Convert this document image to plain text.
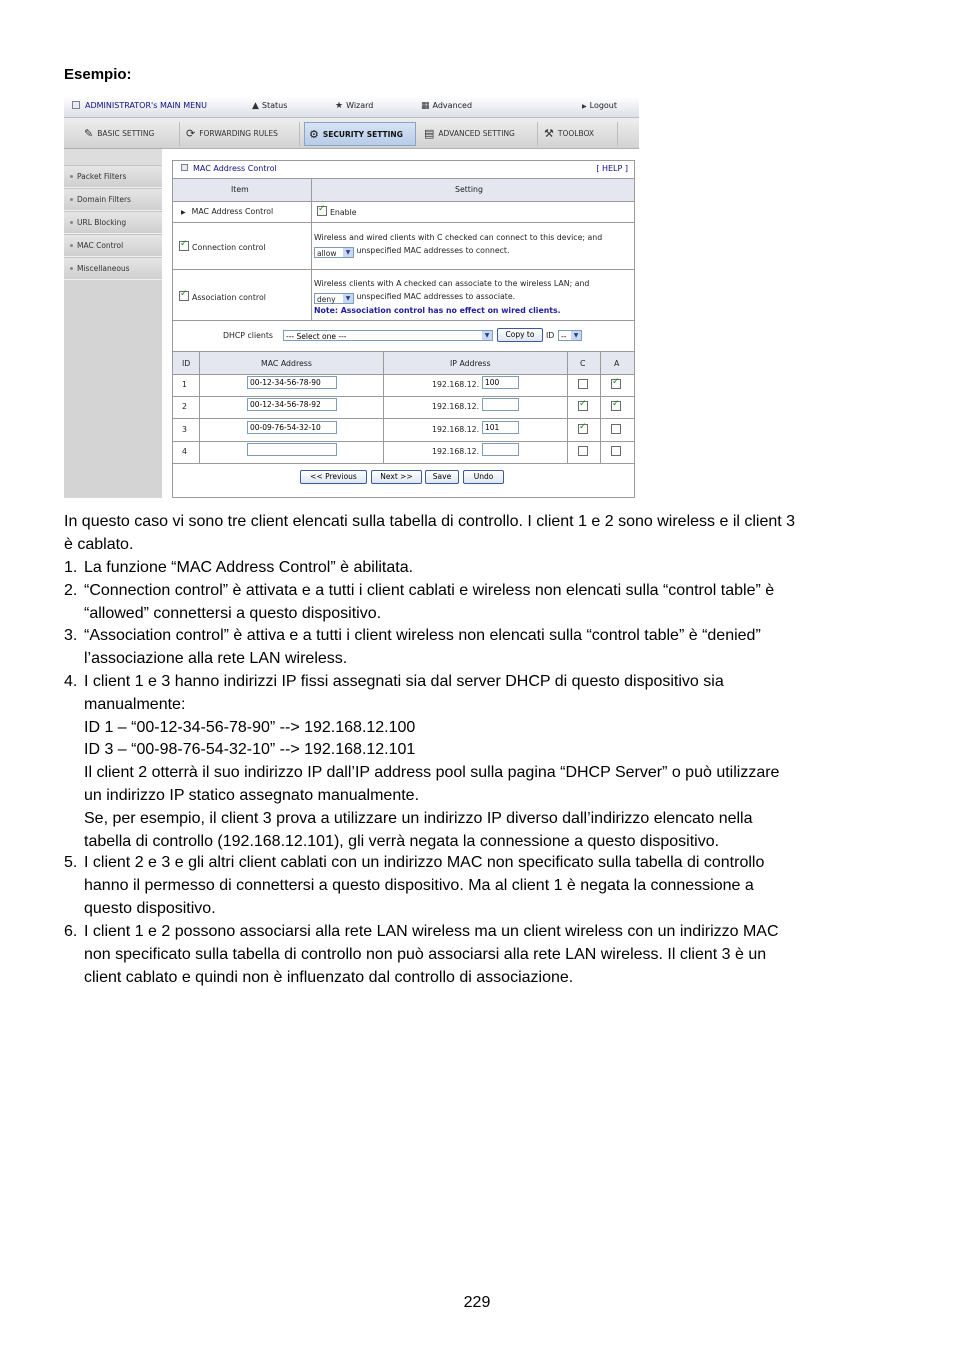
Esempio:
ADMINISTRATOR's MAIN MENU	▲ Status	★ Wizard	▦ Advanced	▶ Logout
✎ BASIC SETTING	⟳ FORWARDING RULES	⚙ SECURITY SETTING	▤ ADVANCED SETTING	⚒ TOOLBOX
Packet Filters
Domain Filters
URL Blocking
MAC Control
Miscellaneous
MAC Address Control	[ HELP ]
Item	Setting
▶ MAC Address Control
✓	Enable
✓Connection control
Wireless and wired clients with C checked can connect to this device; and
allow	▼ unspecified MAC addresses to connect.
✓Association control
Wireless clients with A checked can associate to the wireless LAN; and
deny	▼ unspecified MAC addresses to associate.
Note: Association control has no effect on wired clients.
DHCP clients	--- Select one ---	▼	Copy to	ID --	▼
ID	MAC Address	IP Address	C	A
1	00-12-34-56-78-90	192.168.12. 100
✓
2	00-12-34-56-78-92	192.168.12.
✓
✓
3	00-09-76-54-32-10	192.168.12. 101
✓
4	192.168.12.
<< Previous	Next >>	Save	Undo
In questo caso vi sono tre client elencati sulla tabella di controllo. I client 1 e 2 sono wireless e il client 3
è cablato.
1. La funzione “MAC Address Control” è abilitata.
2. “Connection control” è attivata e a tutti i client cablati e wireless non elencati sulla “control table” è
“allowed” connettersi a questo dispositivo.
3. “Association control” è attiva e a tutti i client wireless non elencati sulla “control table” è “denied”
l’associazione alla rete LAN wireless.
4. I client 1 e 3 hanno indirizzi IP fissi assegnati sia dal server DHCP di questo dispositivo sia
manualmente:
ID 1 – “00-12-34-56-78-90” --> 192.168.12.100
ID 3 – “00-98-76-54-32-10” --> 192.168.12.101
Il client 2 otterrà il suo indirizzo IP dall’IP address pool sulla pagina “DHCP Server” o può utilizzare
un indirizzo IP statico assegnato manualmente.
Se, per esempio, il client 3 prova a utilizzare un indirizzo IP diverso dall’indirizzo elencato nella
tabella di controllo (192.168.12.101), gli verrà negata la connessione a questo dispositivo.
5. I client 2 e 3 e gli altri client cablati con un indirizzo MAC non specificato sulla tabella di controllo
hanno il permesso di connettersi a questo dispositivo. Ma al client 1 è negata la connessione a
questo dispositivo.
6. I client 1 e 2 possono associarsi alla rete LAN wireless ma un client wireless con un indirizzo MAC
non specificato sulla tabella di controllo non può associarsi alla rete LAN wireless. Il client 3 è un
client cablato e quindi non è influenzato dal controllo di associazione.
229
